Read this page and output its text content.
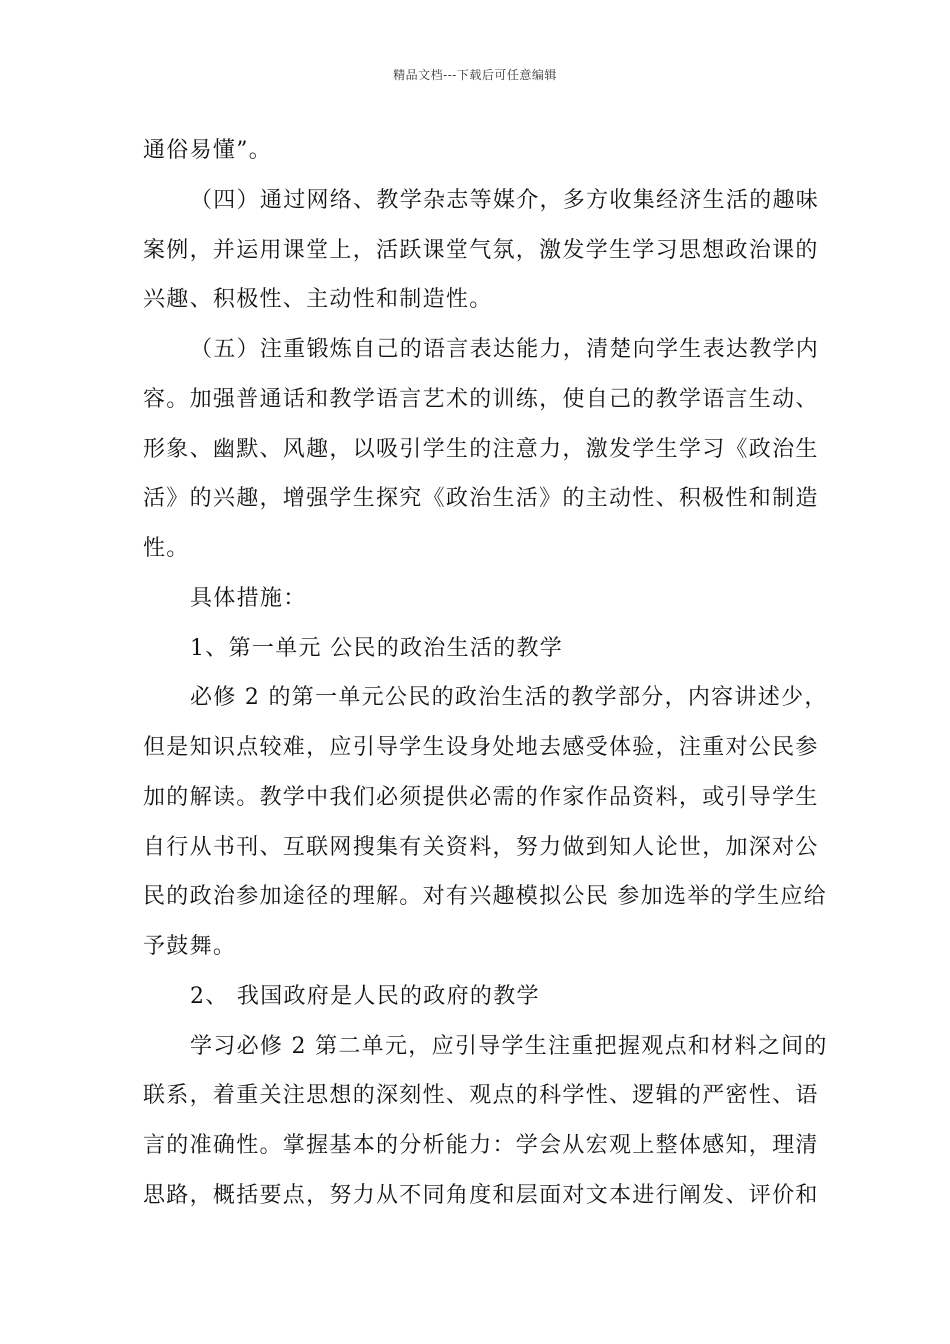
精品文档---下载后可任意编辑
通俗易懂”。
（四）通过网络、教学杂志等媒介，多方收集经济生活的趣味
案例，并运用课堂上，活跃课堂气氛，激发学生学习思想政治课的
兴趣、积极性、主动性和制造性。
（五）注重锻炼自己的语言表达能力，清楚向学生表达教学内
容。加强普通话和教学语言艺术的训练，使自己的教学语言生动、
形象、幽默、风趣，以吸引学生的注意力，激发学生学习《政治生
活》的兴趣，增强学生探究《政治生活》的主动性、积极性和制造
性。
具体措施：
1、第一单元 公民的政治生活的教学
必修 2 的第一单元公民的政治生活的教学部分，内容讲述少，
但是知识点较难，应引导学生设身处地去感受体验，注重对公民参
加的解读。教学中我们必须提供必需的作家作品资料，或引导学生
自行从书刊、互联网搜集有关资料，努力做到知人论世，加深对公
民的政治参加途径的理解。对有兴趣模拟公民 参加选举的学生应给
予鼓舞。
2、 我国政府是人民的政府的教学
学习必修 2 第二单元，应引导学生注重把握观点和材料之间的
联系，着重关注思想的深刻性、观点的科学性、逻辑的严密性、语
言的准确性。掌握基本的分析能力：学会从宏观上整体感知，理清
思路，概括要点，努力从不同角度和层面对文本进行阐发、评价和
